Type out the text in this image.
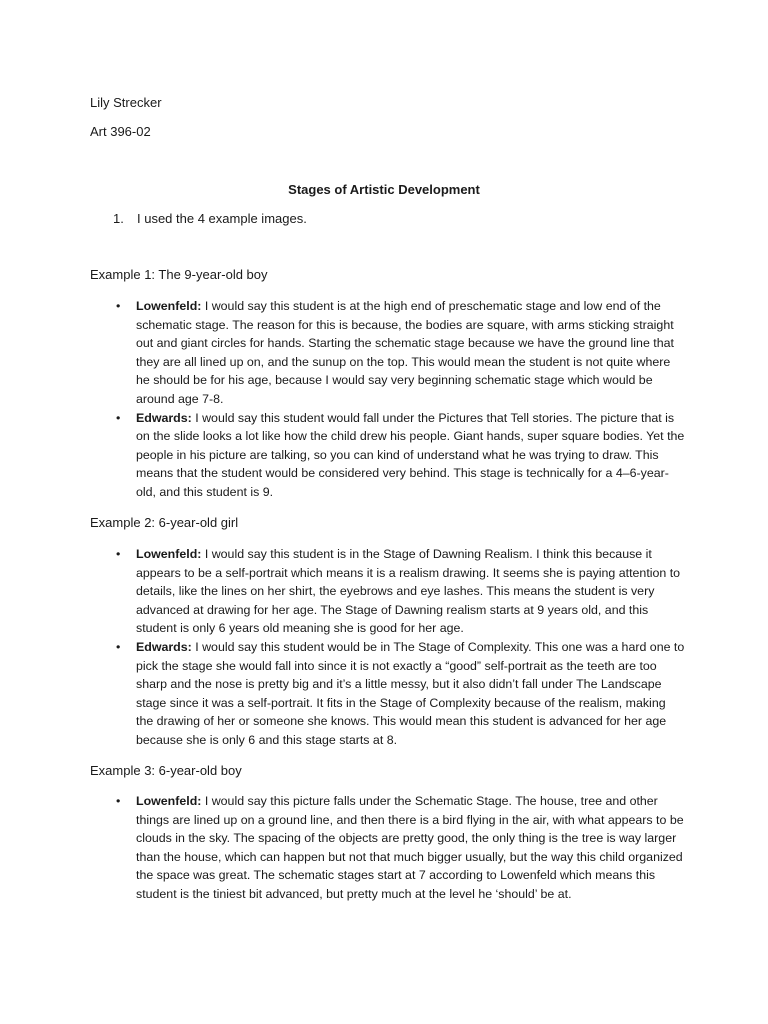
Lily Strecker

Art 396-02

Stages of Artistic Development

1. I used the 4 example images.

Example 1: The 9-year-old boy

• Lowenfeld: I would say this student is at the high end of preschematic stage and low end of the schematic stage. The reason for this is because, the bodies are square, with arms sticking straight out and giant circles for hands. Starting the schematic stage because we have the ground line that they are all lined up on, and the sunup on the top. This would mean the student is not quite where he should be for his age, because I would say very beginning schematic stage which would be around age 7-8.
• Edwards: I would say this student would fall under the Pictures that Tell stories. The picture that is on the slide looks a lot like how the child drew his people. Giant hands, super square bodies. Yet the people in his picture are talking, so you can kind of understand what he was trying to draw. This means that the student would be considered very behind. This stage is technically for a 4–6-year-old, and this student is 9.

Example 2: 6-year-old girl

• Lowenfeld: I would say this student is in the Stage of Dawning Realism. I think this because it appears to be a self-portrait which means it is a realism drawing. It seems she is paying attention to details, like the lines on her shirt, the eyebrows and eye lashes. This means the student is very advanced at drawing for her age. The Stage of Dawning realism starts at 9 years old, and this student is only 6 years old meaning she is good for her age.
• Edwards: I would say this student would be in The Stage of Complexity. This one was a hard one to pick the stage she would fall into since it is not exactly a “good” self-portrait as the teeth are too sharp and the nose is pretty big and it’s a little messy, but it also didn’t fall under The Landscape stage since it was a self-portrait. It fits in the Stage of Complexity because of the realism, making the drawing of her or someone she knows. This would mean this student is advanced for her age because she is only 6 and this stage starts at 8.

Example 3: 6-year-old boy

• Lowenfeld: I would say this picture falls under the Schematic Stage. The house, tree and other things are lined up on a ground line, and then there is a bird flying in the air, with what appears to be clouds in the sky. The spacing of the objects are pretty good, the only thing is the tree is way larger than the house, which can happen but not that much bigger usually, but the way this child organized the space was great. The schematic stages start at 7 according to Lowenfeld which means this student is the tiniest bit advanced, but pretty much at the level he ‘should’ be at.
